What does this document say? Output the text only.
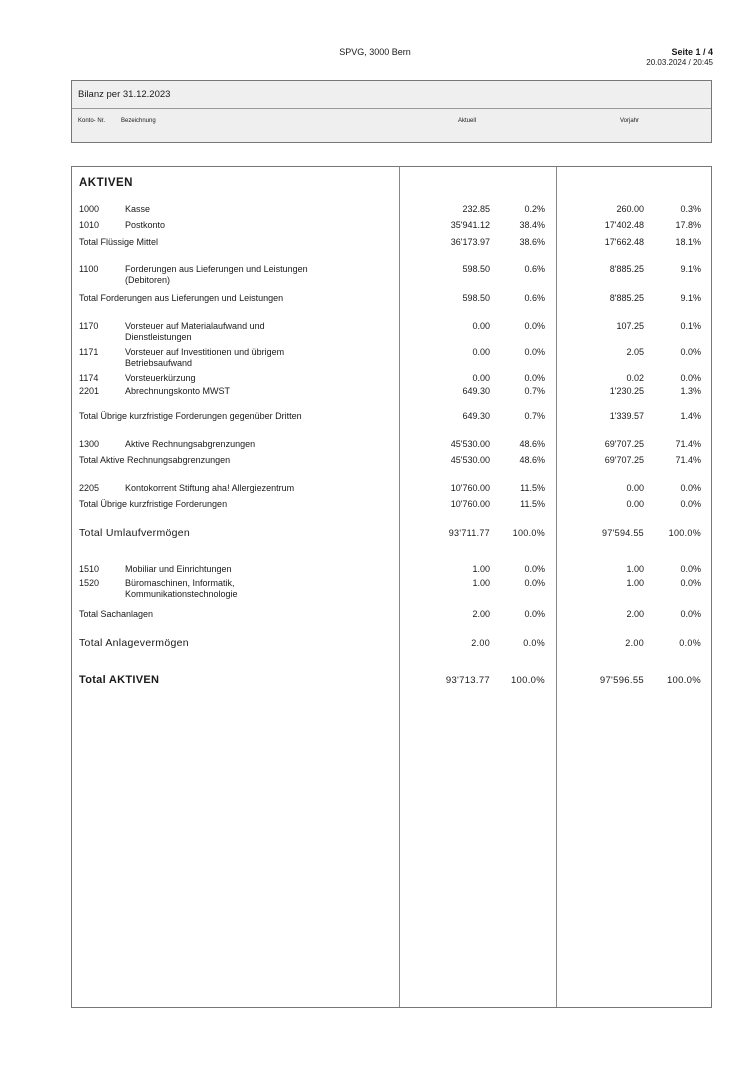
SPVG, 3000 Bern	Seite 1 / 4
20.03.2024 / 20:45
Bilanz per 31.12.2023
Konto- Nr.	Bezeichnung	Aktuell	Vorjahr
AKTIVEN
1000	Kasse	232.85	0.2%	260.00	0.3%
1010	Postkonto	35'941.12	38.4%	17'402.48	17.8%
Total Flüssige Mittel	36'173.97	38.6%	17'662.48	18.1%
1100	Forderungen aus Lieferungen und Leistungen	598.50	0.6%	8'885.25	9.1%
(Debitoren)
Total Forderungen aus Lieferungen und Leistungen	598.50	0.6%	8'885.25	9.1%
1170	Vorsteuer auf Materialaufwand und	0.00	0.0%	107.25	0.1%
Dienstleistungen
1171	Vorsteuer auf Investitionen und übrigem	0.00	0.0%	2.05	0.0%
Betriebsaufwand
1174	Vorsteuerkürzung	0.00	0.0%	0.02	0.0%
2201	Abrechnungskonto MWST	649.30	0.7%	1'230.25	1.3%
Total Übrige kurzfristige Forderungen gegenüber Dritten	649.30	0.7%	1'339.57	1.4%
1300	Aktive Rechnungsabgrenzungen	45'530.00	48.6%	69'707.25	71.4%
Total Aktive Rechnungsabgrenzungen	45'530.00	48.6%	69'707.25	71.4%
2205	Kontokorrent Stiftung aha! Allergiezentrum	10'760.00	11.5%	0.00	0.0%
Total Übrige kurzfristige Forderungen	10'760.00	11.5%	0.00	0.0%
Total Umlaufvermögen	93'711.77	100.0%	97'594.55	100.0%
1510	Mobiliar und Einrichtungen	1.00	0.0%	1.00	0.0%
1520	Büromaschinen, Informatik,	1.00	0.0%	1.00	0.0%
Kommunikationstechnologie
Total Sachanlagen	2.00	0.0%	2.00	0.0%
Total Anlagevermögen	2.00	0.0%	2.00	0.0%
Total AKTIVEN	93'713.77 100.0%	97'596.55 100.0%
